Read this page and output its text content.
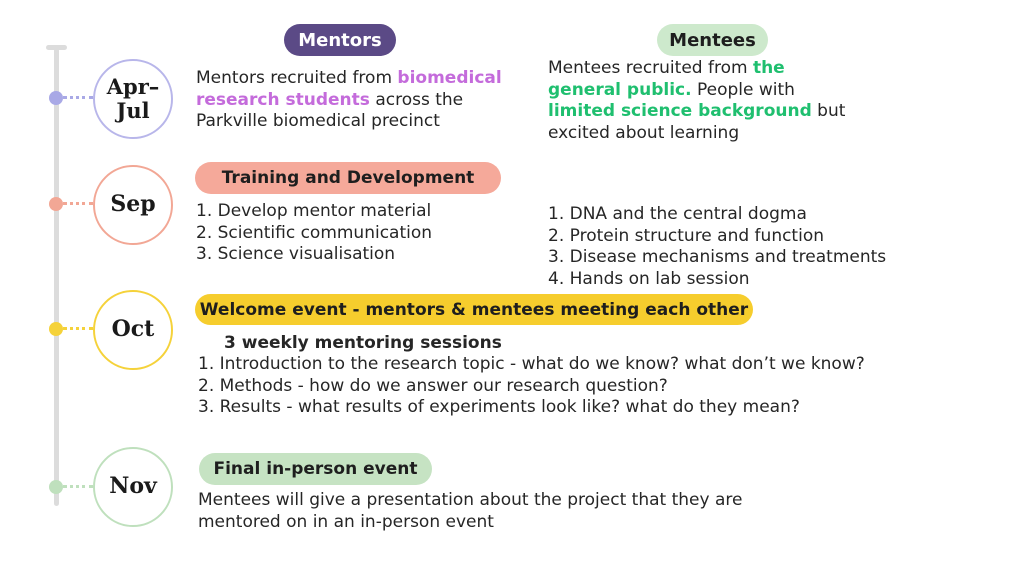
Apr–
Jul
Sep
Oct
Nov
Mentors	Mentees
Mentors recruited from biomedical
research students across the
Parkville biomedical precinct
Mentees recruited from the
general public. People with
limited science background but
excited about learning
Training and Development
1. Develop mentor material
2. Scientific communication
3. Science visualisation
1. DNA and the central dogma
2. Protein structure and function
3. Disease mechanisms and treatments
4. Hands on lab session
Welcome event - mentors & mentees meeting each other
3 weekly mentoring sessions
1. Introduction to the research topic - what do we know? what don’t we know?
2. Methods - how do we answer our research question?
3. Results - what results of experiments look like? what do they mean?
Final in-person event
Mentees will give a presentation about the project that they are
mentored on in an in-person event
